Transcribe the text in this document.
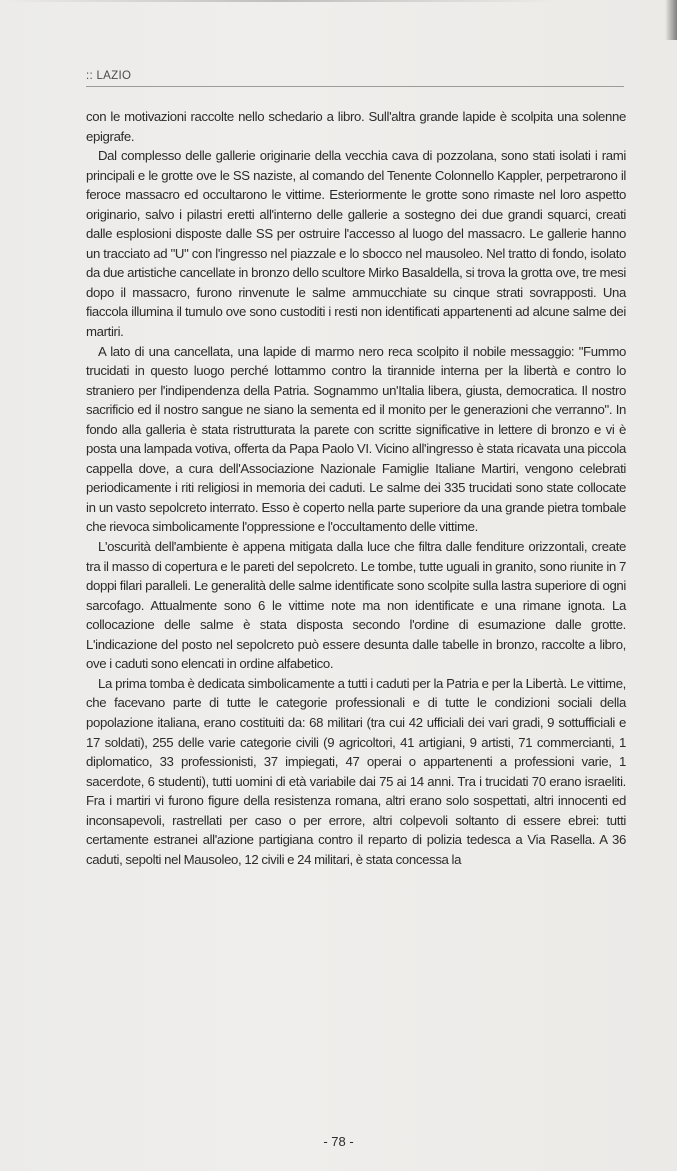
:: LAZIO

con le motivazioni raccolte nello schedario a libro. Sull'altra grande lapide è scolpita una solenne epigrafe.

Dal complesso delle gallerie originarie della vecchia cava di pozzolana, sono stati isolati i rami principali e le grotte ove le SS naziste, al comando del Tenente Colonnello Kappler, perpetrarono il feroce massacro ed occultarono le vittime. Esteriormente le grotte sono rimaste nel loro aspetto originario, salvo i pilastri eretti all'interno delle gallerie a sostegno dei due grandi squarci, creati dalle esplosioni disposte dalle SS per ostruire l'accesso al luogo del massacro. Le gallerie hanno un tracciato ad "U" con l'ingresso nel piazzale e lo sbocco nel mausoleo. Nel tratto di fondo, isolato da due artistiche cancellate in bronzo dello scultore Mirko Basaldella, si trova la grotta ove, tre mesi dopo il massacro, furono rinvenute le salme ammucchiate su cinque strati sovrapposti. Una fiaccola illumina il tumulo ove sono custoditi i resti non identificati appartenenti ad alcune salme dei martiri.

A lato di una cancellata, una lapide di marmo nero reca scolpito il nobile messaggio: "Fummo trucidati in questo luogo perché lottammo contro la tirannide interna per la libertà e contro lo straniero per l'indipendenza della Patria. Sognammo un'Italia libera, giusta, democratica. Il nostro sacrificio ed il nostro sangue ne siano la sementa ed il monito per le generazioni che verranno". In fondo alla galleria è stata ristrutturata la parete con scritte significative in lettere di bronzo e vi è posta una lampada votiva, offerta da Papa Paolo VI. Vicino all'ingresso è stata ricavata una piccola cappella dove, a cura dell'Associazione Nazionale Famiglie Italiane Martiri, vengono celebrati periodicamente i riti religiosi in memoria dei caduti. Le salme dei 335 trucidati sono state collocate in un vasto sepolcreto interrato. Esso è coperto nella parte superiore da una grande pietra tombale che rievoca simbolicamente l'oppressione e l'occultamento delle vittime.

L'oscurità dell'ambiente è appena mitigata dalla luce che filtra dalle fenditure orizzontali, create tra il masso di copertura e le pareti del sepolcreto. Le tombe, tutte uguali in granito, sono riunite in 7 doppi filari paralleli. Le generalità delle salme identificate sono scolpite sulla lastra superiore di ogni sarcofago. Attualmente sono 6 le vittime note ma non identificate e una rimane ignota. La collocazione delle salme è stata disposta secondo l'ordine di esumazione dalle grotte. L'indicazione del posto nel sepolcreto può essere desunta dalle tabelle in bronzo, raccolte a libro, ove i caduti sono elencati in ordine alfabetico.

La prima tomba è dedicata simbolicamente a tutti i caduti per la Patria e per la Libertà. Le vittime, che facevano parte di tutte le categorie professionali e di tutte le condizioni sociali della popolazione italiana, erano costituiti da: 68 militari (tra cui 42 ufficiali dei vari gradi, 9 sottufficiali e 17 soldati), 255 delle varie categorie civili (9 agricoltori, 41 artigiani, 9 artisti, 71 commercianti, 1 diplomatico, 33 professionisti, 37 impiegati, 47 operai o appartenenti a professioni varie, 1 sacerdote, 6 studenti), tutti uomini di età variabile dai 75 ai 14 anni. Tra i trucidati 70 erano israeliti. Fra i martiri vi furono figure della resistenza romana, altri erano solo sospettati, altri innocenti ed inconsapevoli, rastrellati per caso o per errore, altri colpevoli soltanto di essere ebrei: tutti certamente estranei all'azione partigiana contro il reparto di polizia tedesca a Via Rasella. A 36 caduti, sepolti nel Mausoleo, 12 civili e 24 militari, è stata concessa la

- 78 -
